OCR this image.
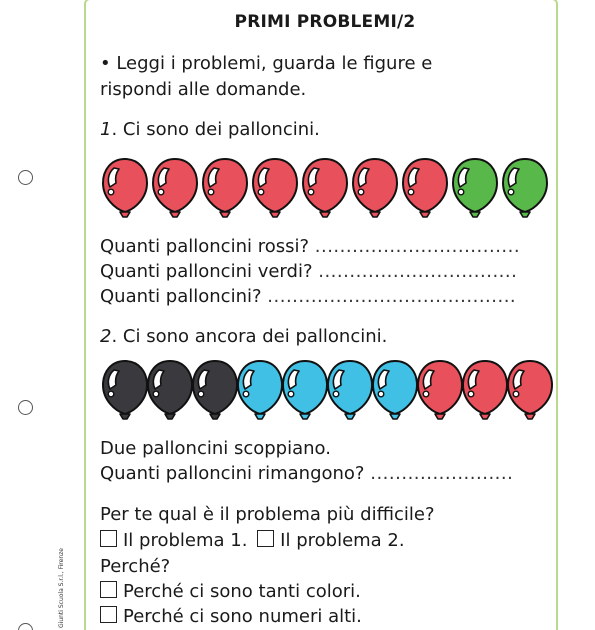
Giunti Scuola S.r.l., Firenze
PRIMI PROBLEMI/2
• Leggi i problemi, guarda le figure e
rispondi alle domande.
1. Ci sono dei palloncini.
Quanti palloncini rossi? .................................
Quanti palloncini verdi? ................................
Quanti palloncini? ........................................
2. Ci sono ancora dei palloncini.
Due palloncini scoppiano.
Quanti palloncini rimangono? .......................
Per te qual è il problema più difficile?
Il problema 1. Il problema 2.
Perché?
Perché ci sono tanti colori.
Perché ci sono numeri alti.
